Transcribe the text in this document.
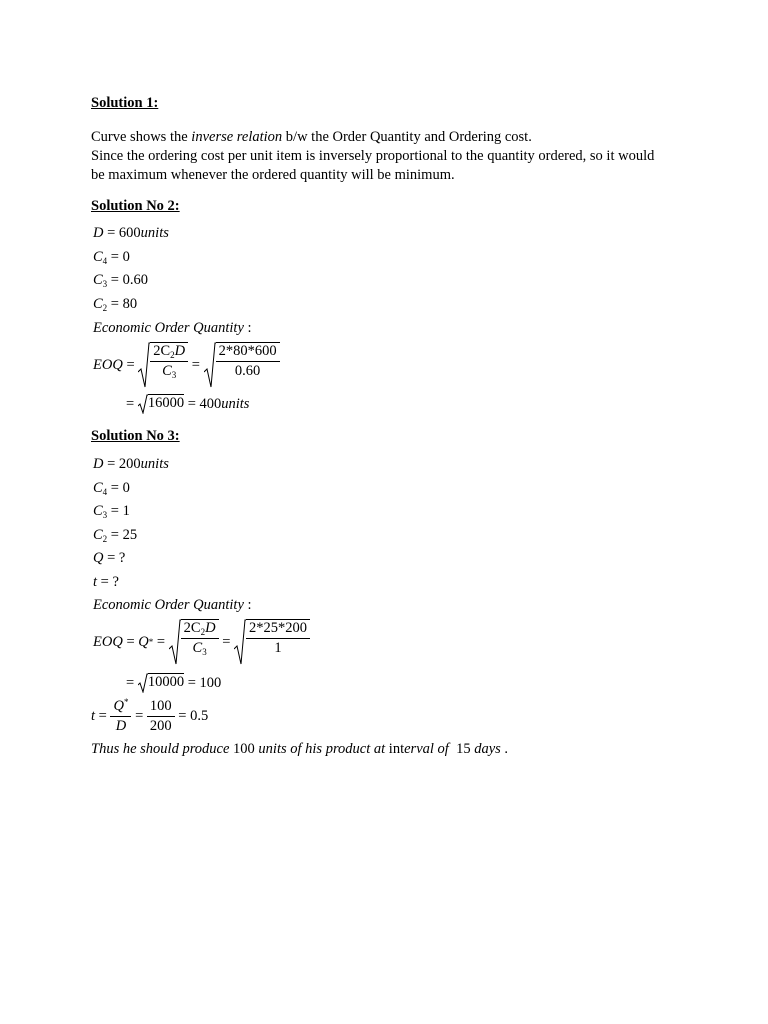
Solution 1:
Curve shows the inverse relation b/w the Order Quantity and Ordering cost.
Since the ordering cost per unit item is inversely proportional to the quantity ordered, so it would
be maximum whenever the ordered quantity will be minimum.
Solution No 2:
D = 600units
$C_4 = 0$
$C_3 = 0.60$
$C_2 = 80$
Economic Order Quantity :
EOQ = $\frac{2C_2D}{C_3} = \frac{2*80*600}{0.60}$
= 16000 = 400 units
Solution No 3:
D = 200units
$C_4 = 0$
$C_3 = 1$
$C_2 = 25$
Q = ?
t = ?
Economic Order Quantity :
EOQ = Q * = $\frac{2C_2D}{C_3} = \frac{2*25*200}{1}$
= 10000 = 100
$t = \frac{Q^*}{D} = \frac{100}{200} = 0.5$
Thus he should produce 100 units of his product at interval of 15 days .
